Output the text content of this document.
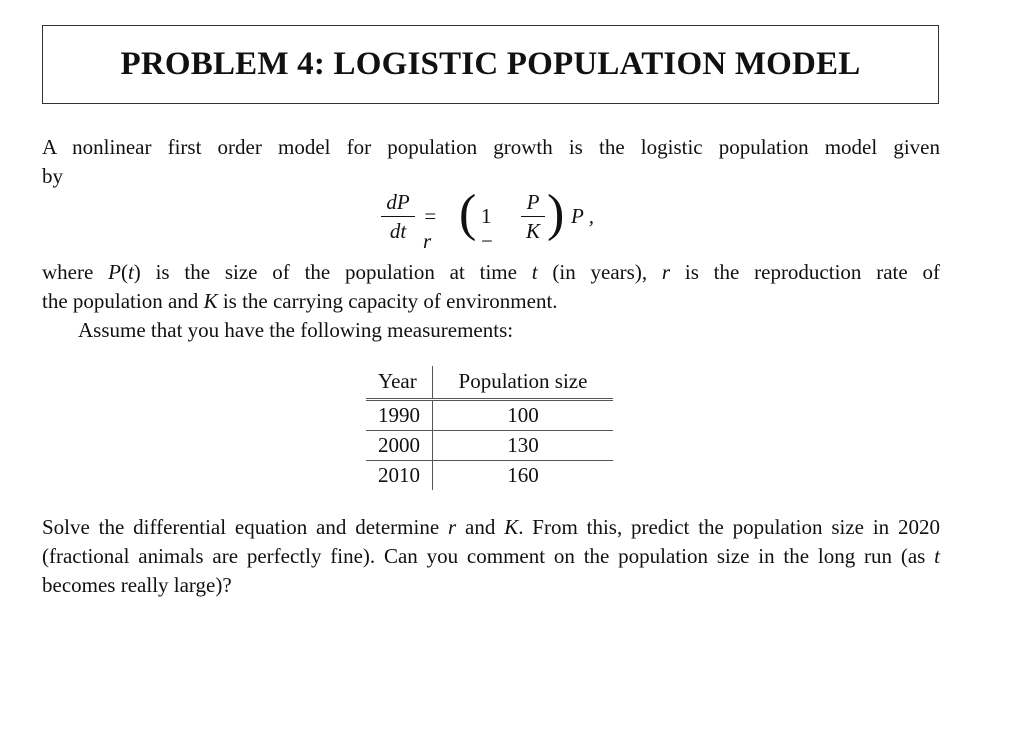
PROBLEM 4: LOGISTIC POPULATION MODEL
A nonlinear first order model for population growth is the logistic population model given
by
dP
dt
= r ( 1 −
P
K ) P ,
where P(t) is the size of the population at time t (in years), r is the reproduction rate of
the population and K is the carrying capacity of environment.
Assume that you have the following measurements:
Year	Population size
1990	100
2000	130
2010	160
Solve the differential equation and determine r and K. From this, predict the population size in 2020 (fractional animals are perfectly fine). Can you comment on the population size in the long run (as t becomes really large)?
